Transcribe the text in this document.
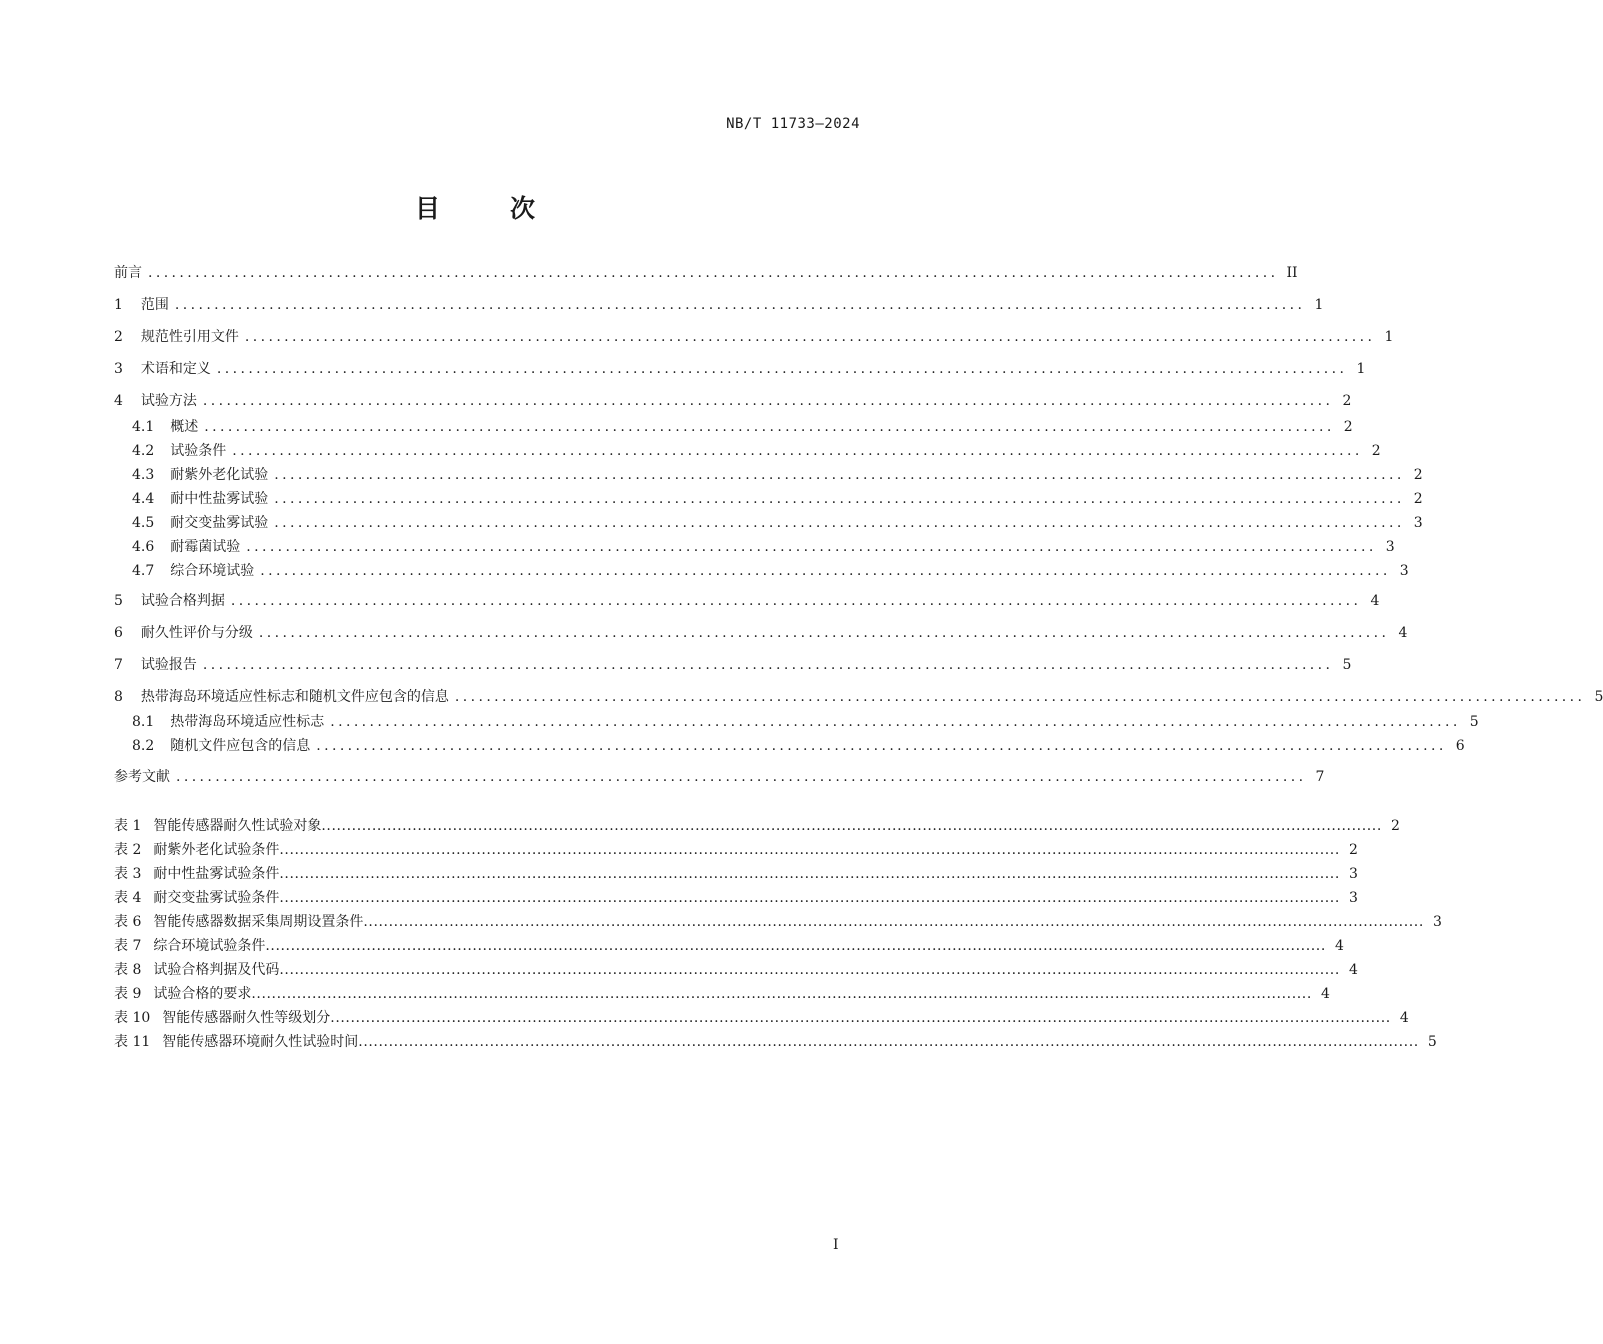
NB/T 11733—2024

目	次
前言 ................................................................................................................................................ II
1 范围 ................................................................................................................................................ 1
2 规范性引用文件 ................................................................................................................................................ 1
3 术语和定义 ................................................................................................................................................ 1
4 试验方法 ................................................................................................................................................ 2
4.1 概述 ................................................................................................................................................ 2
4.2 试验条件 ................................................................................................................................................ 2
4.3 耐紫外老化试验 ................................................................................................................................................ 2
4.4 耐中性盐雾试验 ................................................................................................................................................ 2
4.5 耐交变盐雾试验 ................................................................................................................................................ 3
4.6 耐霉菌试验 ................................................................................................................................................ 3
4.7 综合环境试验 ................................................................................................................................................ 3
5 试验合格判据 ................................................................................................................................................ 4
6 耐久性评价与分级 ................................................................................................................................................ 4
7 试验报告 ................................................................................................................................................ 5
8 热带海岛环境适应性标志和随机文件应包含的信息 ................................................................................................................................................ 5
8.1 热带海岛环境适应性标志 ................................................................................................................................................ 5
8.2 随机文件应包含的信息 ................................................................................................................................................ 6
参考文献 ................................................................................................................................................ 7
表 1 智能传感器耐久性试验对象 .................................................................................................................................................................................................................. 2
表 2 耐紫外老化试验条件 .................................................................................................................................................................................................................. 2
表 3 耐中性盐雾试验条件 .................................................................................................................................................................................................................. 3
表 4 耐交变盐雾试验条件 .................................................................................................................................................................................................................. 3
表 6 智能传感器数据采集周期设置条件 .................................................................................................................................................................................................................. 3
表 7 综合环境试验条件 .................................................................................................................................................................................................................. 4
表 8 试验合格判据及代码 .................................................................................................................................................................................................................. 4
表 9 试验合格的要求 .................................................................................................................................................................................................................. 4
表 10 智能传感器耐久性等级划分 .................................................................................................................................................................................................................. 4
表 11 智能传感器环境耐久性试验时间 .................................................................................................................................................................................................................. 5
I
